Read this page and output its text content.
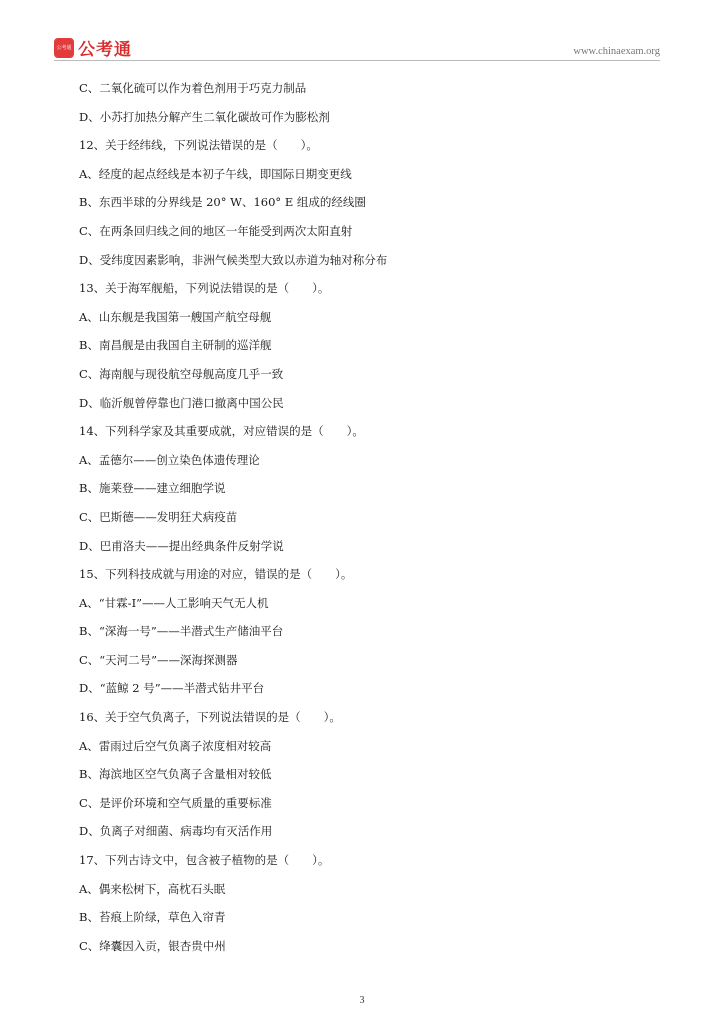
公考通 公考通	www.chinaexam.org
C、二氧化硫可以作为着色剂用于巧克力制品
D、小苏打加热分解产生二氧化碳故可作为膨松剂
12、关于经纬线，下列说法错误的是（　　）。
A、经度的起点经线是本初子午线，即国际日期变更线
B、东西半球的分界线是 20° W、160° E 组成的经线圈
C、在两条回归线之间的地区一年能受到两次太阳直射
D、受纬度因素影响，非洲气候类型大致以赤道为轴对称分布
13、关于海军舰船，下列说法错误的是（　　）。
A、山东舰是我国第一艘国产航空母舰
B、南昌舰是由我国自主研制的巡洋舰
C、海南舰与现役航空母舰高度几乎一致
D、临沂舰曾停靠也门港口撤离中国公民
14、下列科学家及其重要成就，对应错误的是（　　）。
A、孟德尔——创立染色体遗传理论
B、施莱登——建立细胞学说
C、巴斯德——发明狂犬病疫苗
D、巴甫洛夫——提出经典条件反射学说
15、下列科技成就与用途的对应，错误的是（　　）。
A、“甘霖-Ⅰ”——人工影响天气无人机
B、“深海一号”——半潜式生产储油平台
C、“天河二号”——深海探测器
D、“蓝鲸 2 号”——半潜式钻井平台
16、关于空气负离子，下列说法错误的是（　　）。
A、雷雨过后空气负离子浓度相对较高
B、海滨地区空气负离子含量相对较低
C、是评价环境和空气质量的重要标准
D、负离子对细菌、病毒均有灭活作用
17、下列古诗文中，包含被子植物的是（　　）。
A、偶来松树下，高枕石头眠
B、苔痕上阶绿，草色入帘青
C、绛囊因入贡，银杏贵中州
3
